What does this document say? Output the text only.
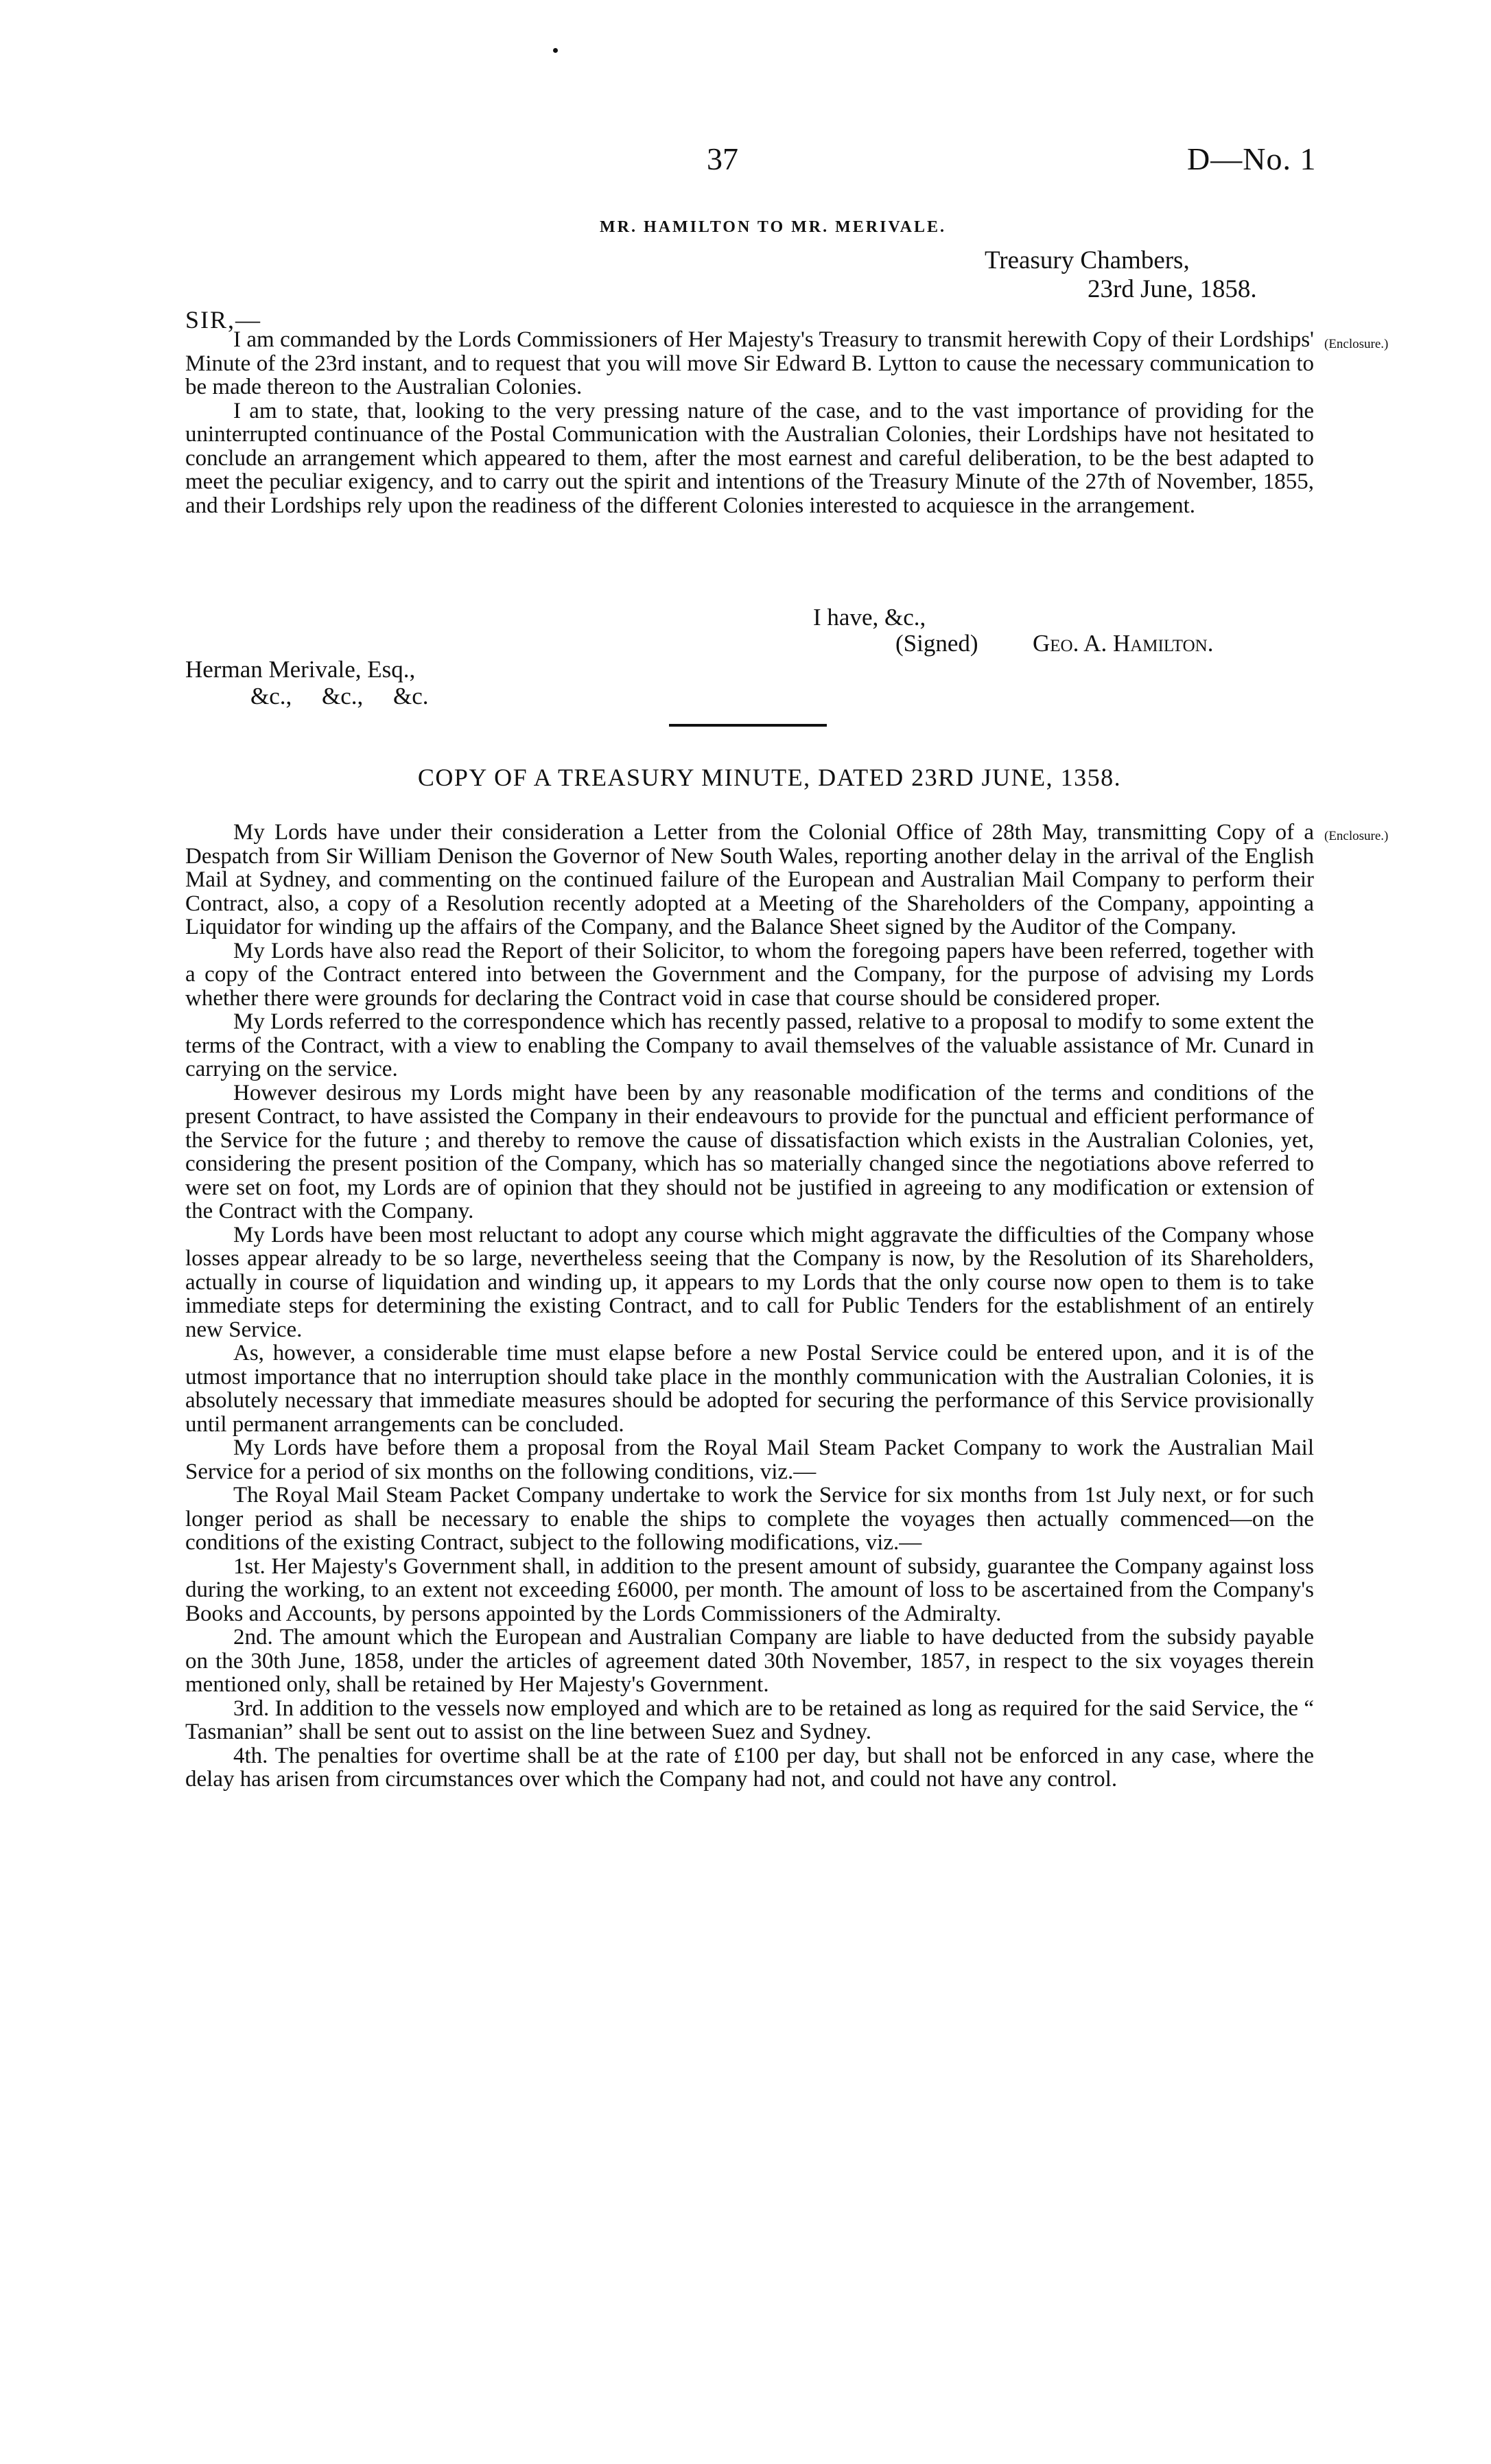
37	D—No. 1
MR. HAMILTON TO MR. MERIVALE.
Treasury Chambers,
23rd June, 1858.
SIR,—

I am commanded by the Lords Commissioners of Her Majesty's Treasury to transmit herewith Copy of their Lordships' Minute of the 23rd instant, and to request that you will move Sir Edward B. Lytton to cause the necessary communication to be made thereon to the Australian Colonies.

I am to state, that, looking to the very pressing nature of the case, and to the vast importance of providing for the uninterrupted continuance of the Postal Communication with the Australian Colonies, their Lordships have not hesitated to conclude an arrangement which appeared to them, after the most earnest and careful deliberation, to be the best adapted to meet the peculiar exigency, and to carry out the spirit and intentions of the Treasury Minute of the 27th of November, 1855, and their Lordships rely upon the readiness of the different Colonies interested to acquiesce in the arrangement.

(Enclosure.)
I have, &c.,
(Signed) Geo. A. Hamilton.
Herman Merivale, Esq.,
&c.,     &c.,     &c.
COPY OF A TREASURY MINUTE, DATED 23RD JUNE, 1358.

My Lords have under their consideration a Letter from the Colonial Office of 28th May, transmitting Copy of a Despatch from Sir William Denison the Governor of New South Wales, reporting another delay in the arrival of the English Mail at Sydney, and commenting on the continued failure of the European and Australian Mail Company to perform their Contract, also, a copy of a Resolution recently adopted at a Meeting of the Shareholders of the Company, appointing a Liquidator for winding up the affairs of the Company, and the Balance Sheet signed by the Auditor of the Company.

My Lords have also read the Report of their Solicitor, to whom the foregoing papers have been referred, together with a copy of the Contract entered into between the Government and the Company, for the purpose of advising my Lords whether there were grounds for declaring the Contract void in case that course should be considered proper.

My Lords referred to the correspondence which has recently passed, relative to a proposal to modify to some extent the terms of the Contract, with a view to enabling the Company to avail themselves of the valuable assistance of Mr. Cunard in carrying on the service.

However desirous my Lords might have been by any reasonable modification of the terms and conditions of the present Contract, to have assisted the Company in their endeavours to provide for the punctual and efficient performance of the Service for the future ; and thereby to remove the cause of dissatisfaction which exists in the Australian Colonies, yet, considering the present position of the Company, which has so materially changed since the negotiations above referred to were set on foot, my Lords are of opinion that they should not be justified in agreeing to any modification or extension of the Contract with the Company.

My Lords have been most reluctant to adopt any course which might aggravate the difficulties of the Company whose losses appear already to be so large, nevertheless seeing that the Company is now, by the Resolution of its Shareholders, actually in course of liquidation and winding up, it appears to my Lords that the only course now open to them is to take immediate steps for determining the existing Contract, and to call for Public Tenders for the establishment of an entirely new Service.

As, however, a considerable time must elapse before a new Postal Service could be entered upon, and it is of the utmost importance that no interruption should take place in the monthly communication with the Australian Colonies, it is absolutely necessary that immediate measures should be adopted for securing the performance of this Service provisionally until permanent arrangements can be concluded.

My Lords have before them a proposal from the Royal Mail Steam Packet Company to work the Australian Mail Service for a period of six months on the following conditions, viz.—

The Royal Mail Steam Packet Company undertake to work the Service for six months from 1st July next, or for such longer period as shall be necessary to enable the ships to complete the voyages then actually commenced—on the conditions of the existing Contract, subject to the following modifications, viz.—

1st. Her Majesty's Government shall, in addition to the present amount of subsidy, guarantee the Company against loss during the working, to an extent not exceeding £6000, per month. The amount of loss to be ascertained from the Company's Books and Accounts, by persons appointed by the Lords Commissioners of the Admiralty.

2nd. The amount which the European and Australian Company are liable to have deducted from the subsidy payable on the 30th June, 1858, under the articles of agreement dated 30th November, 1857, in respect to the six voyages therein mentioned only, shall be retained by Her Majesty's Government.

3rd. In addition to the vessels now employed and which are to be retained as long as required for the said Service, the “ Tasmanian” shall be sent out to assist on the line between Suez and Sydney.

4th. The penalties for overtime shall be at the rate of £100 per day, but shall not be enforced in any case, where the delay has arisen from circumstances over which the Company had not, and could not have any control.

(Enclosure.)
